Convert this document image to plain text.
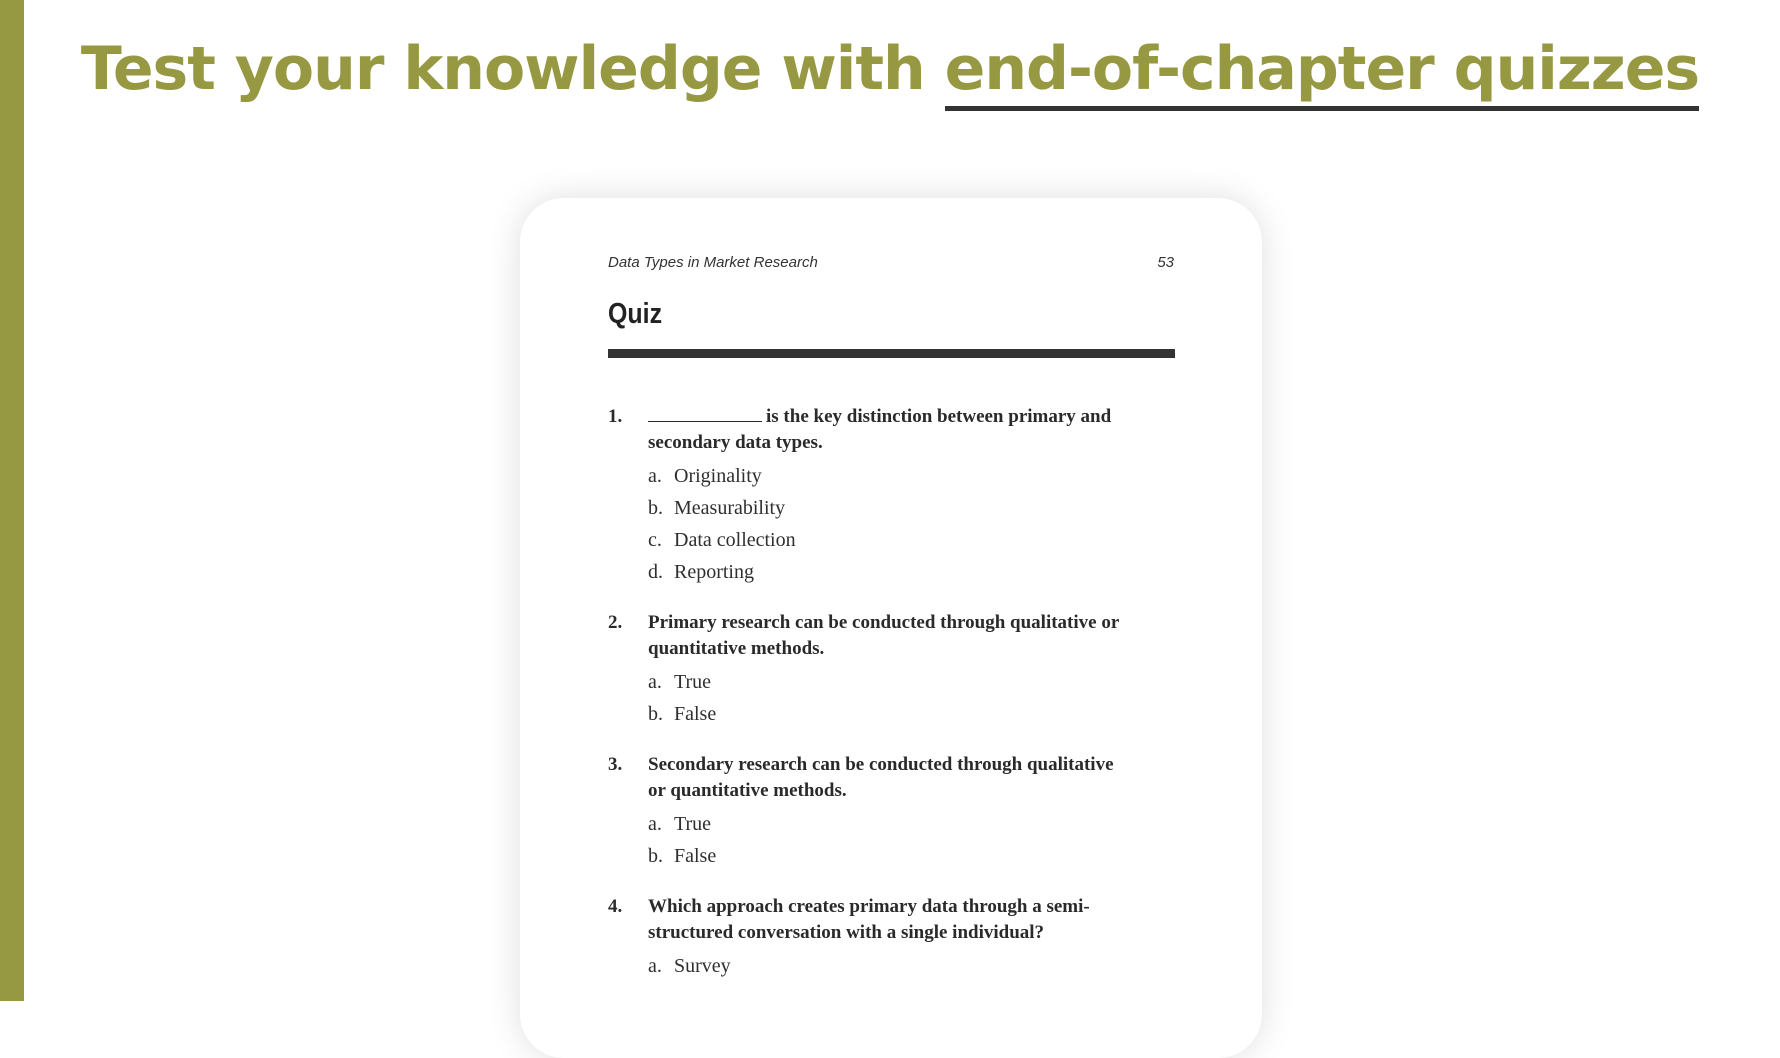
Test your knowledge with end-of-chapter quizzes
Data Types in Market Research	53
Quiz
1.	is the key distinction between primary and secondary data types.
a. Originality
b. Measurability
c. Data collection
d. Reporting
2. Primary research can be conducted through qualitative or quantitative methods.
a. True
b. False
3. Secondary research can be conducted through qualitative or quantitative methods.
a. True
b. False
4. Which approach creates primary data through a semi-structured conversation with a single individual?
a. Survey
